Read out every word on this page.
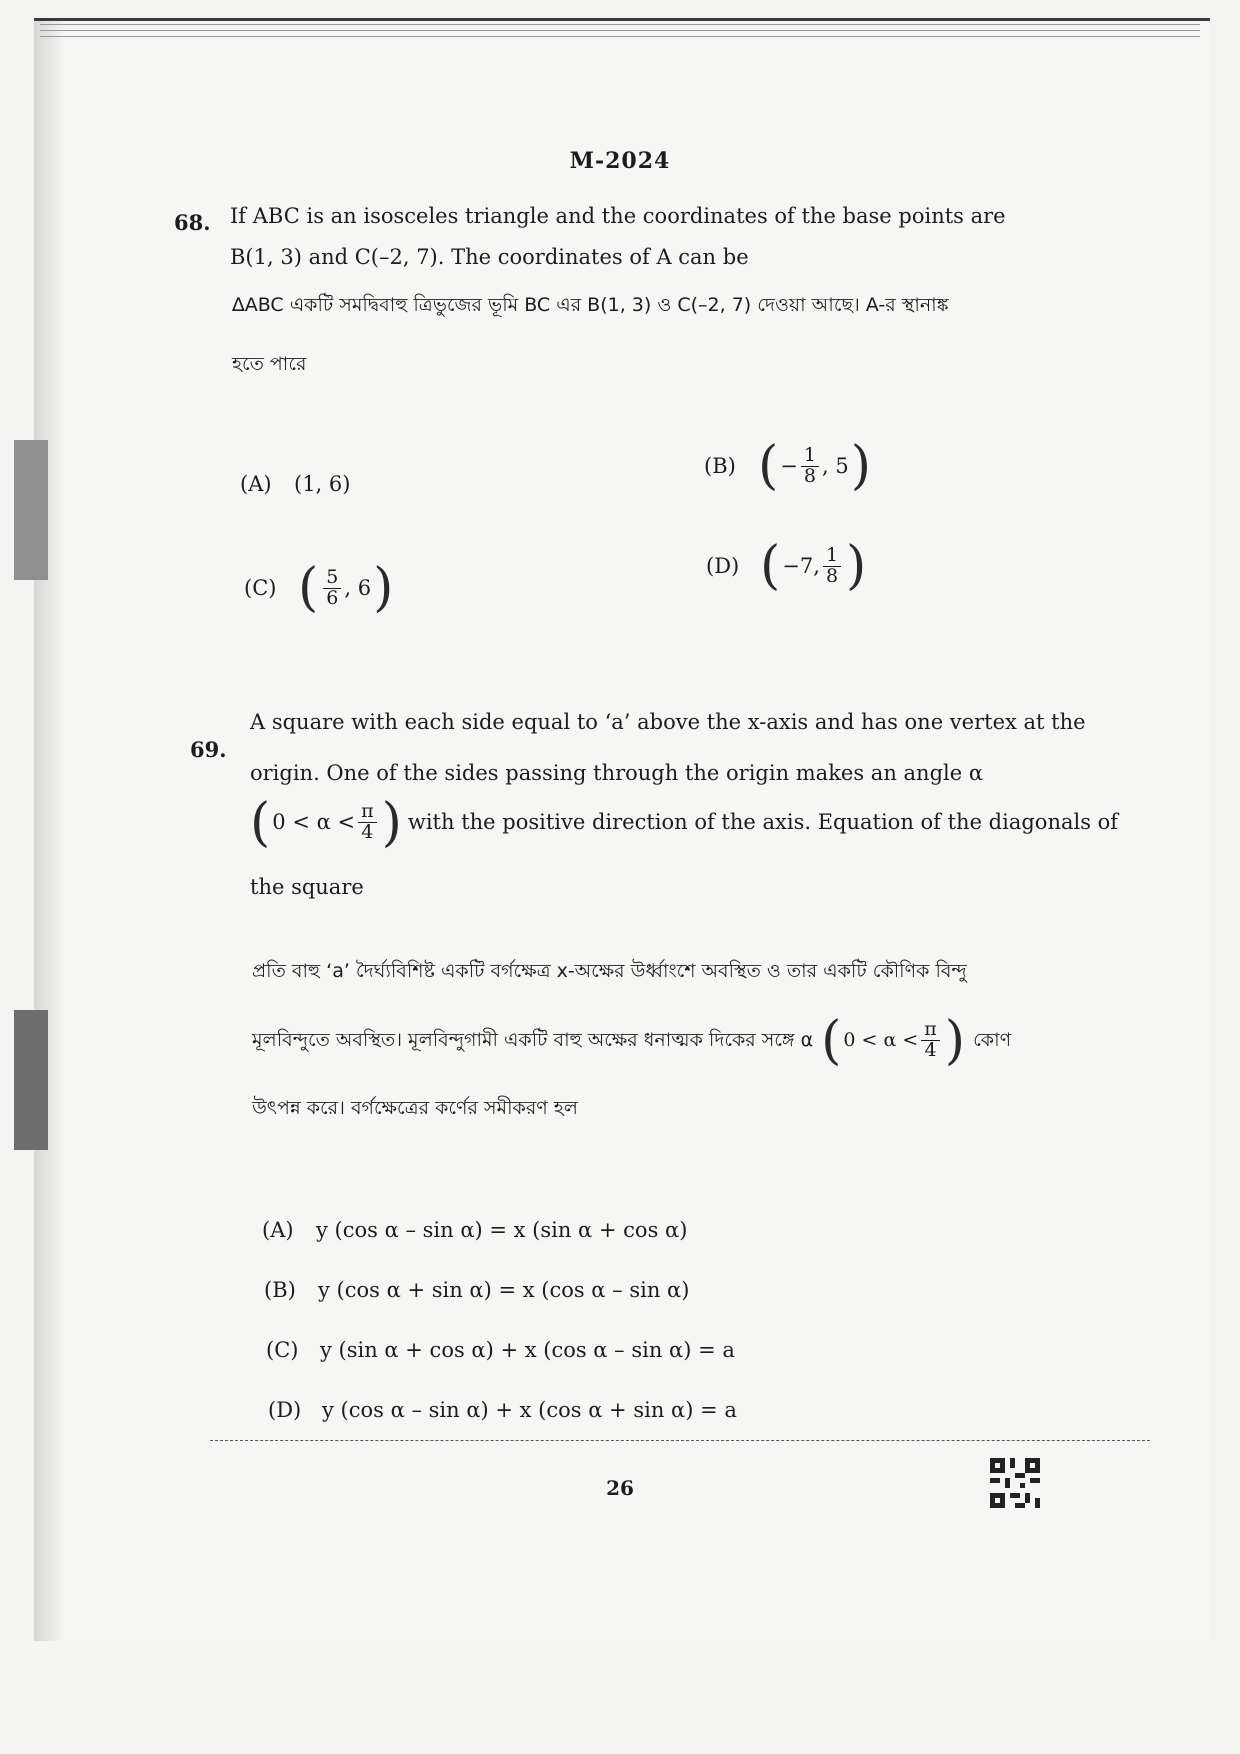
M-2024
68. If ABC is an isosceles triangle and the coordinates of the base points are
B(1, 3) and C(–2, 7). The coordinates of A can be
∆ABC একটি সমদ্বিবাহু ত্রিভুজের ভূমি BC এর B(1, 3) ও C(–2, 7) দেওয়া আছে। A-র স্থানাঙ্ক
হতে পারে
(A) (1, 6)
(B) ( − $\frac{1}{8}$ , 5
)
(C) ( $\frac{5}{6}$ , 6
)
(D) ( −7, $\frac{1}{8}$
)
69.
A square with each side equal to ‘a’ above the x-axis and has one vertex at the
origin. One of the sides passing through the origin makes an angle α
( $0 < \alpha < \frac{\pi}{4}$
) with the positive direction of the axis. Equation of the diagonals of
the square
প্রতি বাহু ‘a’ দৈর্ঘ্যবিশিষ্ট একটি বর্গক্ষেত্র x-অক্ষের উর্ধ্বাংশে অবস্থিত ও তার একটি কৌণিক বিন্দু
মূলবিন্দুতে অবস্থিত। মূলবিন্দুগামী একটি বাহু অক্ষের ধনাত্মক দিকের সঙ্গে α ( $0 < \alpha < \frac{\pi}{4}$
) কোণ
উৎপন্ন করে। বর্গক্ষেত্রের কর্ণের সমীকরণ হল
(A) y (cos α – sin α) = x (sin α + cos α)
(B) y (cos α + sin α) = x (cos α – sin α)
(C) y (sin α + cos α) + x (cos α – sin α) = a
(D) y (cos α – sin α) + x (cos α + sin α) = a
26
